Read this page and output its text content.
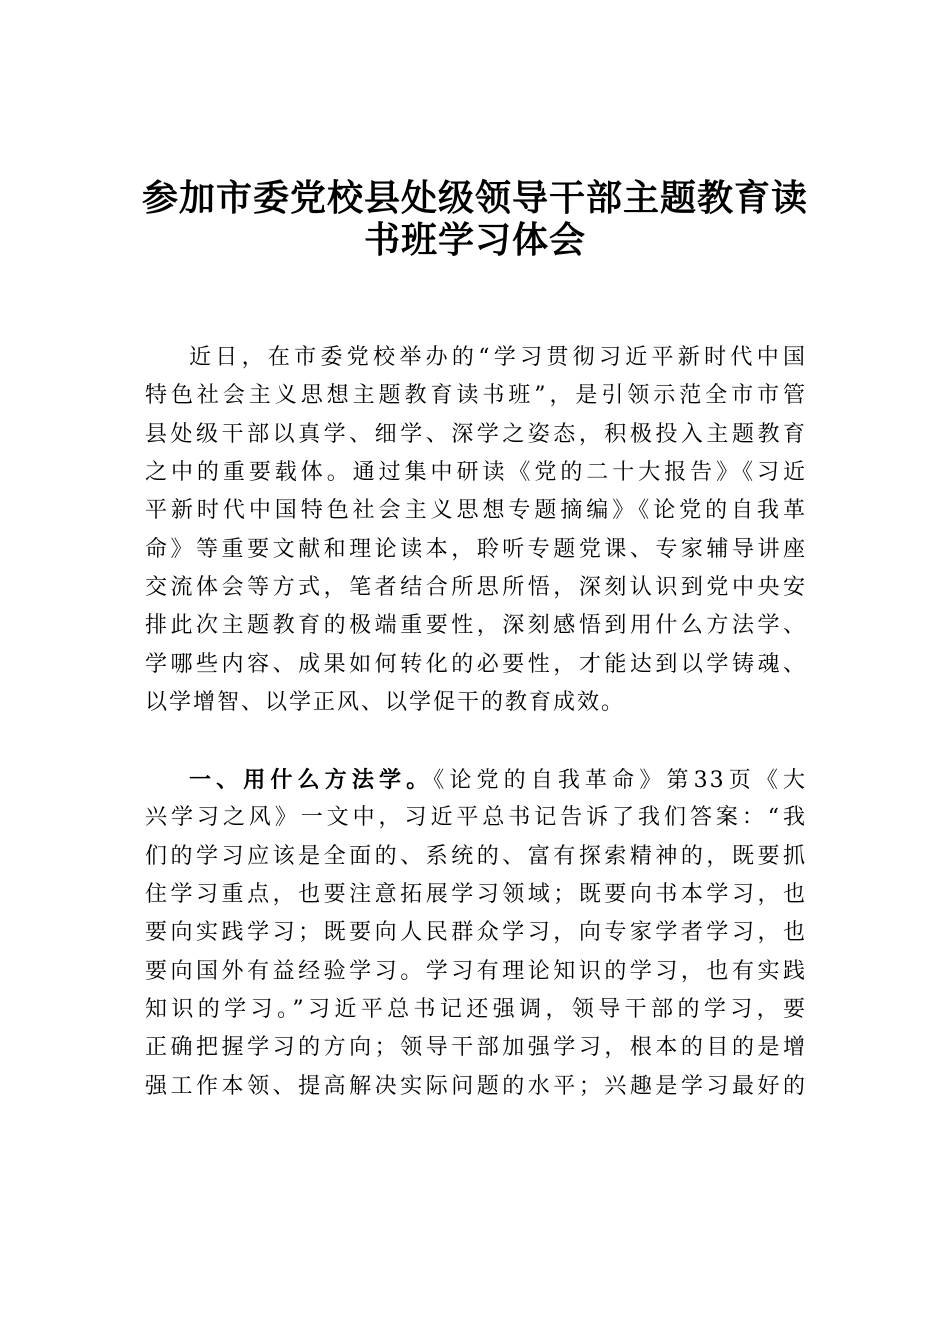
参加市委党校县处级领导干部主题教育读
书班学习体会
近日，在市委党校举办的“学习贯彻习近平新时代中国
特色社会主义思想主题教育读书班”，是引领示范全市市管
县处级干部以真学、细学、深学之姿态，积极投入主题教育
之中的重要载体。通过集中研读《党的二十大报告》《习近
平新时代中国特色社会主义思想专题摘编》《论党的自我革
命》等重要文献和理论读本，聆听专题党课、专家辅导讲座
交流体会等方式，笔者结合所思所悟，深刻认识到党中央安
排此次主题教育的极端重要性，深刻感悟到用什么方法学、
学哪些内容、成果如何转化的必要性，才能达到以学铸魂、
以学增智、以学正风、以学促干的教育成效。
一、用什么方法学。《论党的自我革命》第33页《大
兴学习之风》一文中，习近平总书记告诉了我们答案：“我
们的学习应该是全面的、系统的、富有探索精神的，既要抓
住学习重点，也要注意拓展学习领域；既要向书本学习，也
要向实践学习；既要向人民群众学习，向专家学者学习，也
要向国外有益经验学习。学习有理论知识的学习，也有实践
知识的学习。”习近平总书记还强调，领导干部的学习，要
正确把握学习的方向；领导干部加强学习，根本的目的是增
强工作本领、提高解决实际问题的水平；兴趣是学习最好的
